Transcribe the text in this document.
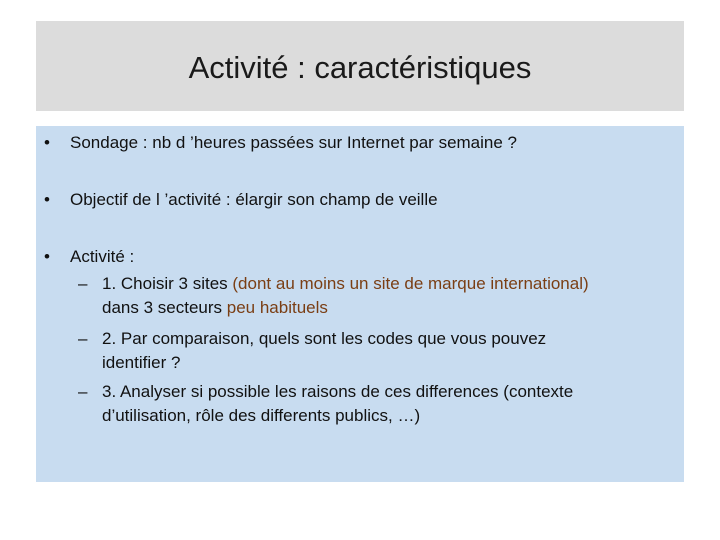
Activité : caractéristiques
• Sondage : nb d ’heures passées sur Internet par semaine ?
• Objectif de l ’activité : élargir son champ de veille
• Activité :
– 1. Choisir 3 sites (dont au moins un site de marque international)
dans 3 secteurs peu habituels
– 2. Par comparaison, quels sont les codes que vous pouvez
identifier ?
– 3. Analyser si possible les raisons de ces differences (contexte
d’utilisation, rôle des differents publics, …)
